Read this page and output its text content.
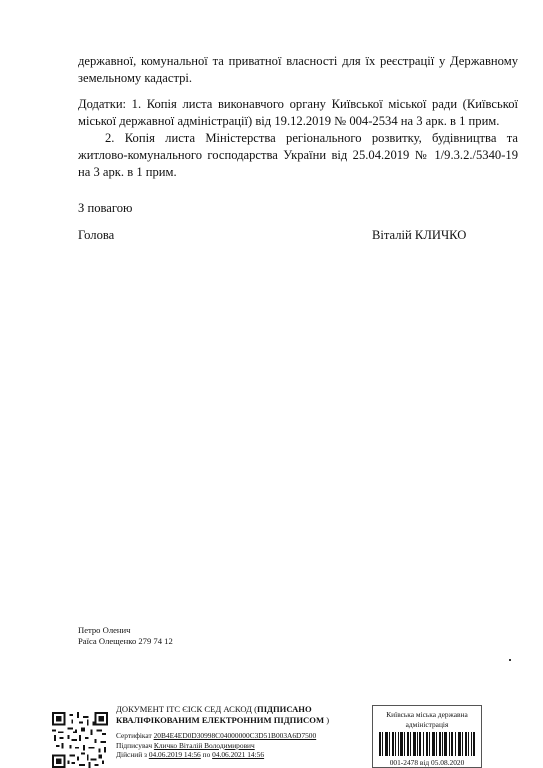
державної, комунальної та приватної власності для їх реєстрації у Державному
земельному кадастрі.
Додатки: 1. Копія листа виконавчого органу Київської міської ради (Київської
міської державної адміністрації) від 19.12.2019 № 004-2534 на 3 арк. в 1 прим.
2. Копія листа Міністерства регіонального розвитку, будівництва та
житлово-комунального господарства України від 25.04.2019 № 1/9.3.2./5340-19
на 3 арк. в 1 прим.
З повагою
Голова	Віталій КЛИЧКО
Петро Оленич
Раїса Олещенко 279 74 12
ДОКУМЕНТ ІТС ЄІСК СЕД АСКОД (ПІДПИСАНО
КВАЛІФІКОВАНИМ ЕЛЕКТРОННИМ ПІДПИСОМ )
Сертифікат 20B4E4ED0D30998C04000000C3D51B003A6D7500
Підписувач Кличко Віталій Володимирович
Дійсний з 04.06.2019 14:56 по 04.06.2021 14:56
Київська міська державна
адміністрація
001-2478 від 05.08.2020
